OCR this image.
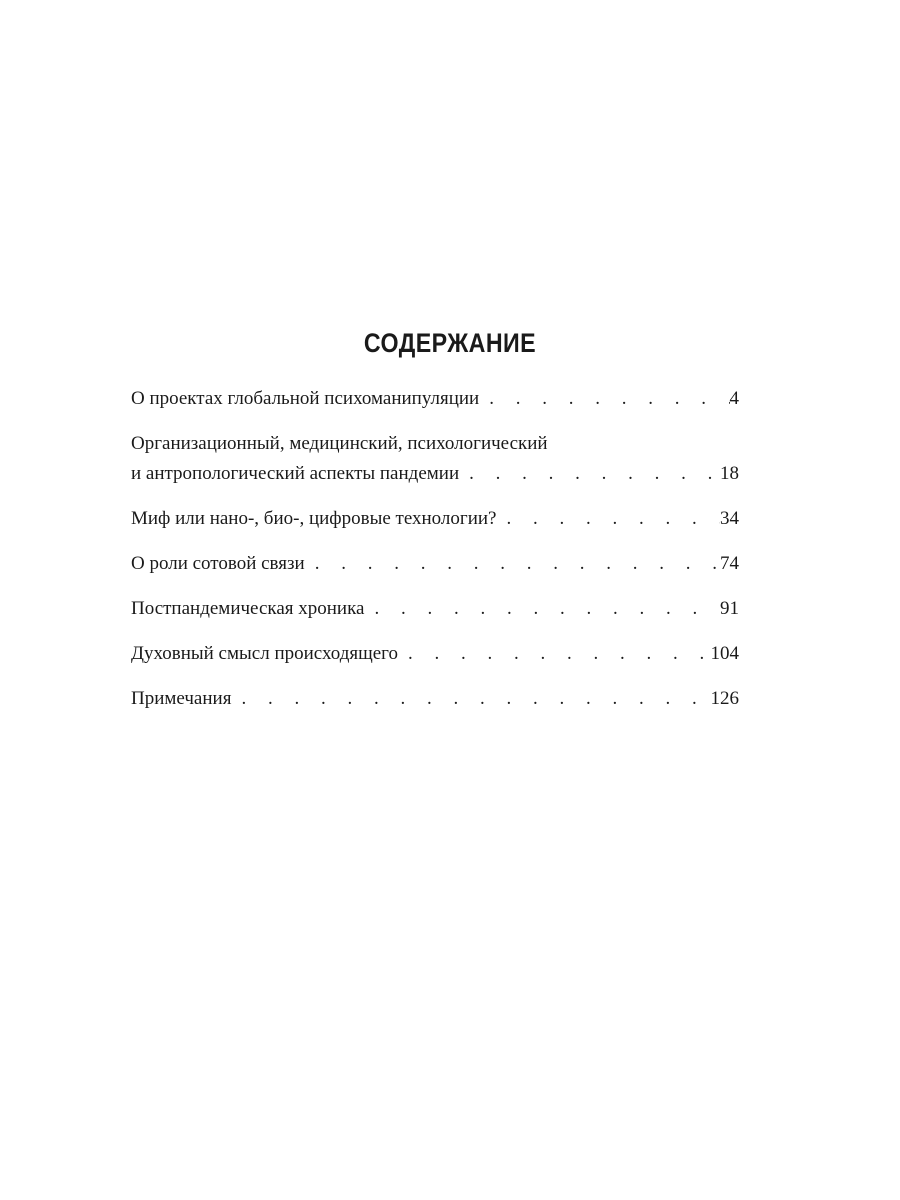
СОДЕРЖАНИЕ
О проектах глобальной психоманипуляции . . .	4
Организационный, медицинский, психологический
и антропологический аспекты пандемии . . .	18
Миф или нано-, био-, цифровые технологии? . . .	34
О роли сотовой связи . . .	74
Постпандемическая хроника . . .	91
Духовный смысл происходящего . . .	104
Примечания . . .	126
